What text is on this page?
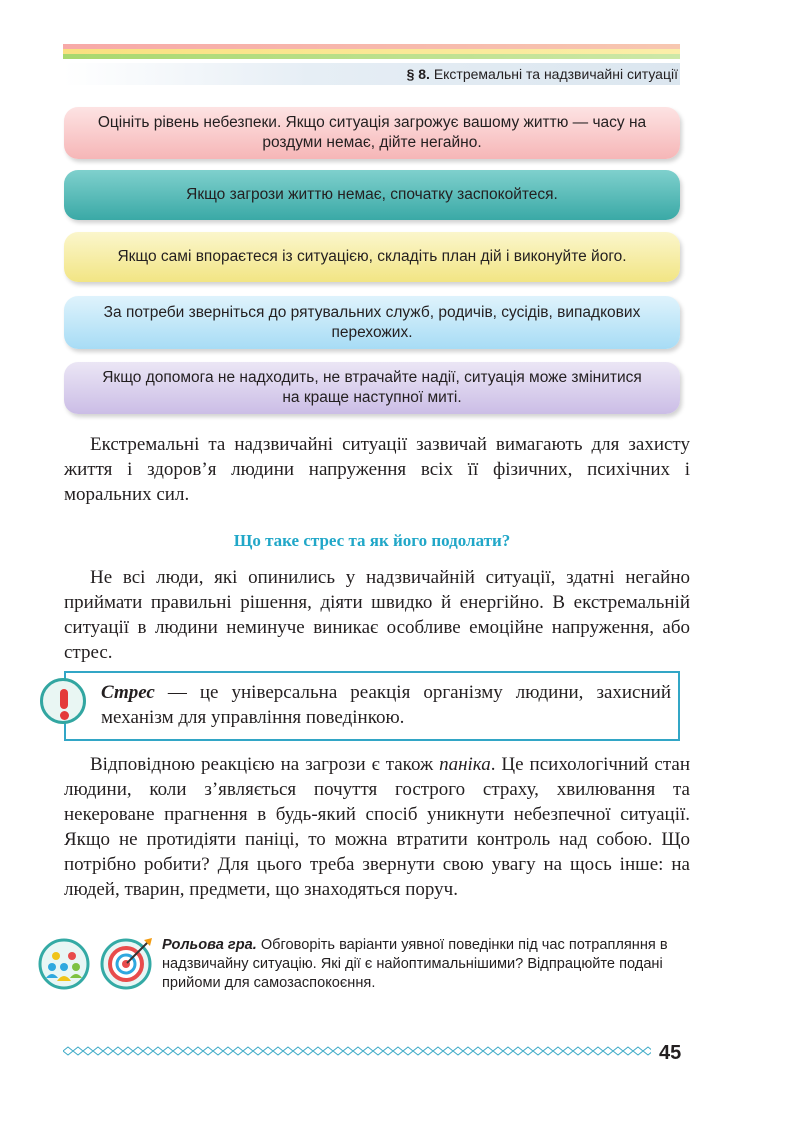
§ 8. Екстремальні та надзвичайні ситуації
Оцініть рівень небезпеки. Якщо ситуація загрожує вашому життю — часу на роздуми немає, дійте негайно.
Якщо загрози життю немає, спочатку заспокойтеся.
Якщо самі впораєтеся із ситуацією, складіть план дій і виконуйте його.
За потреби зверніться до рятувальних служб, родичів, сусідів, випадкових перехожих.
Якщо допомога не надходить, не втрачайте надії, ситуація може змінитися на краще наступної миті.

Екстремальні та надзвичайні ситуації зазвичай вимагають для захисту життя і здоров’я людини напруження всіх її фізичних, психічних і моральних сил.

Що таке стрес та як його подолати?

Не всі люди, які опинились у надзвичайній ситуації, здатні негайно приймати правильні рішення, діяти швидко й енергійно. В екстремальній ситуації в людини неминуче виникає особливе емоційне напруження, або стрес.

Стрес — це універсальна реакція організму людини, захисний механізм для управління поведінкою.

Відповідною реакцією на загрози є також паніка. Це психологічний стан людини, коли з’являється почуття гострого страху, хвилювання та некероване прагнення в будь-який спосіб уникнути небезпечної ситуації. Якщо не протидіяти паніці, то можна втратити контроль над собою. Що потрібно робити? Для цього треба звернути свою увагу на щось інше: на людей, тварин, предмети, що знаходяться поруч.

Рольова гра. Обговоріть варіанти уявної поведінки під час потрапляння в надзвичайну ситуацію. Які дії є найоптимальнішими? Відпрацюйте подані прийоми для самозаспокоєння.
45
